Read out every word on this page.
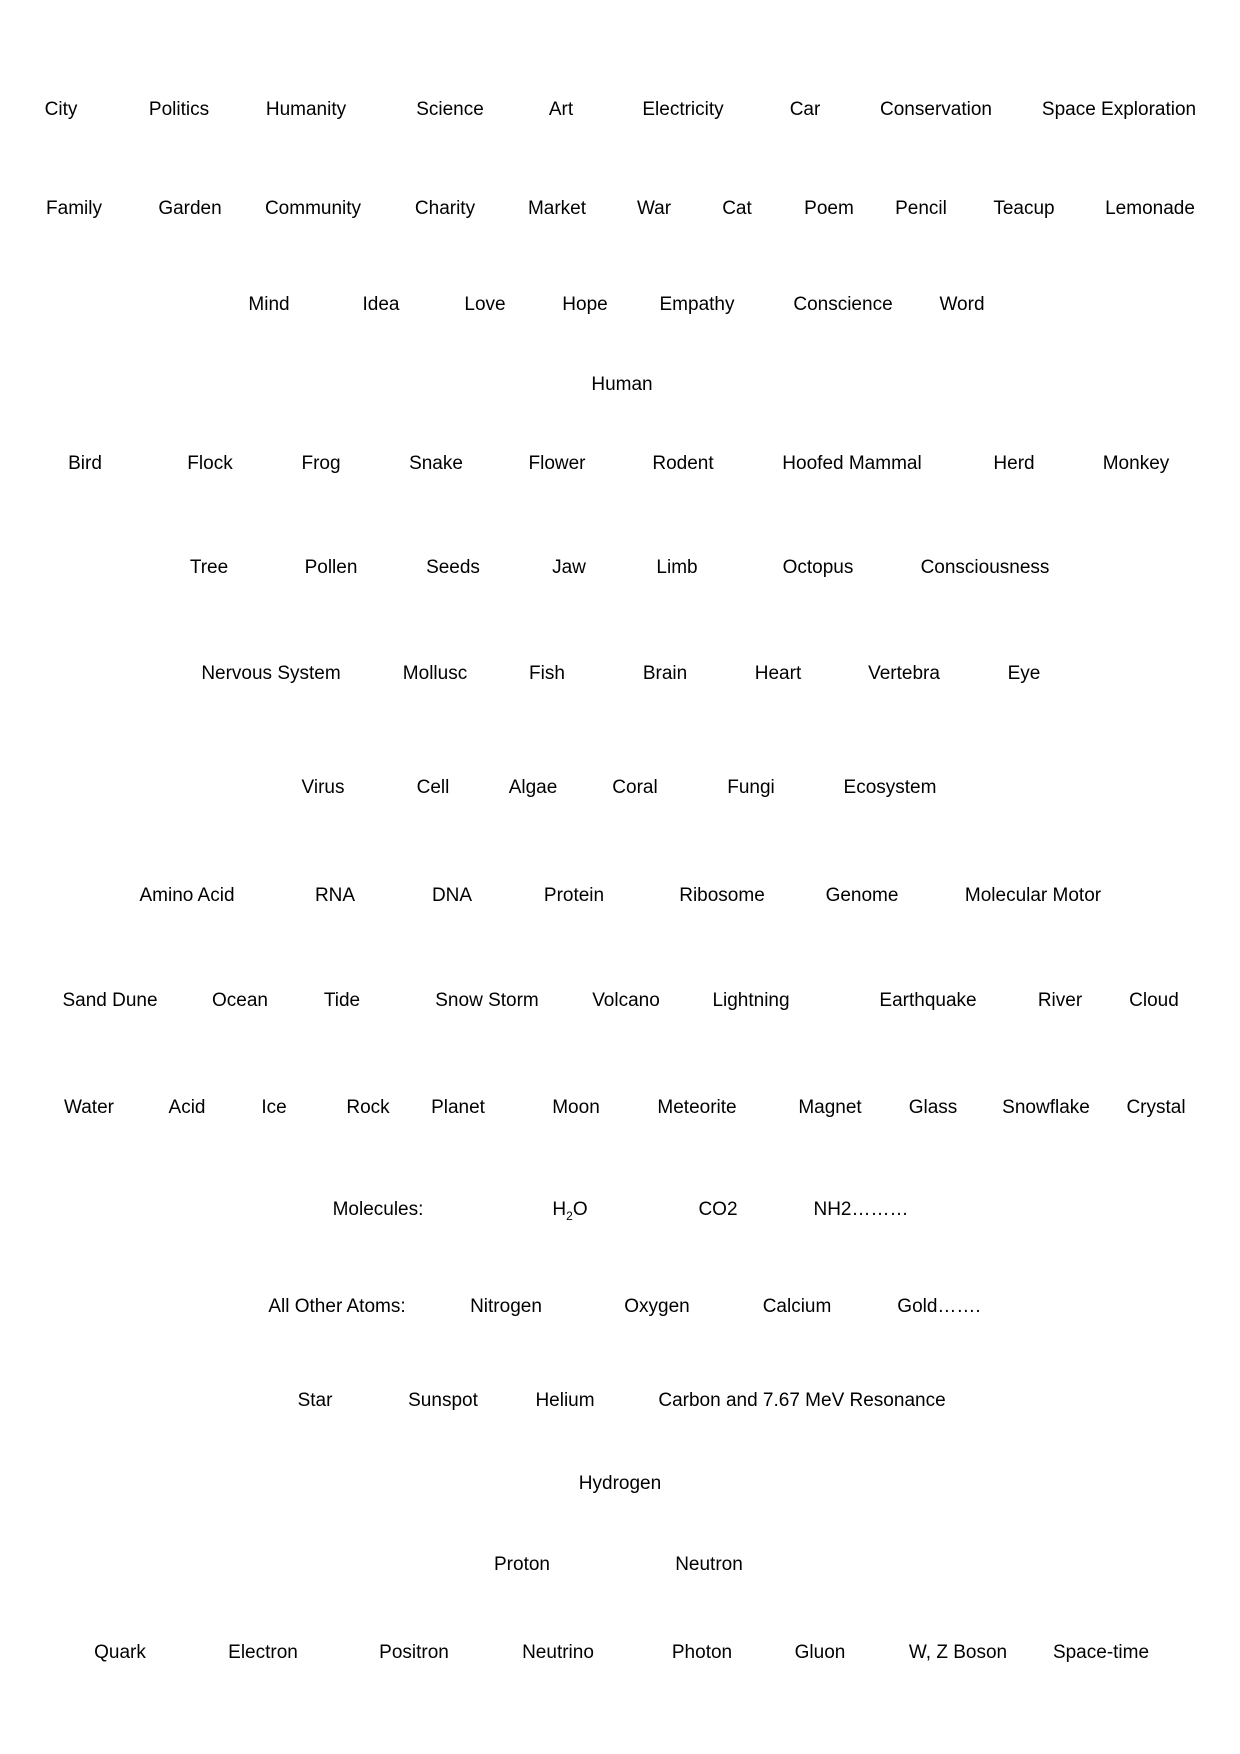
City	Politics	Humanity	Science	Art	Electricity	Car	Conservation	Space Exploration
Family	Garden Community	Charity	Market	War	Cat	Poem Pencil Teacup	Lemonade
Mind	Idea	Love	Hope	Empathy	Conscience Word
Human
Bird	Flock	Frog	Snake	Flower	Rodent	Hoofed Mammal	Herd	Monkey
Tree	Pollen	Seeds	Jaw	Limb	Octopus	Consciousness
Nervous System	Mollusc	Fish	Brain	Heart	Vertebra	Eye
Virus	Cell	Algae	Coral	Fungi	Ecosystem
Amino Acid	RNA	DNA	Protein	Ribosome	Genome	Molecular Motor
Sand Dune	Ocean	Tide	Snow Storm	Volcano	Lightning	Earthquake	River Cloud
Water	Acid	Ice	Rock Planet	Moon	Meteorite	Magnet Glass Snowflake Crystal
Molecules:	$H_2O$	CO2	NH2………
All Other Atoms:	Nitrogen	Oxygen	Calcium	Gold…….
Star	Sunspot	Helium	Carbon and 7.67 MeV Resonance
Hydrogen
Proton	Neutron
Quark	Electron	Positron	Neutrino	Photon	Gluon	W, Z Boson Space-time
